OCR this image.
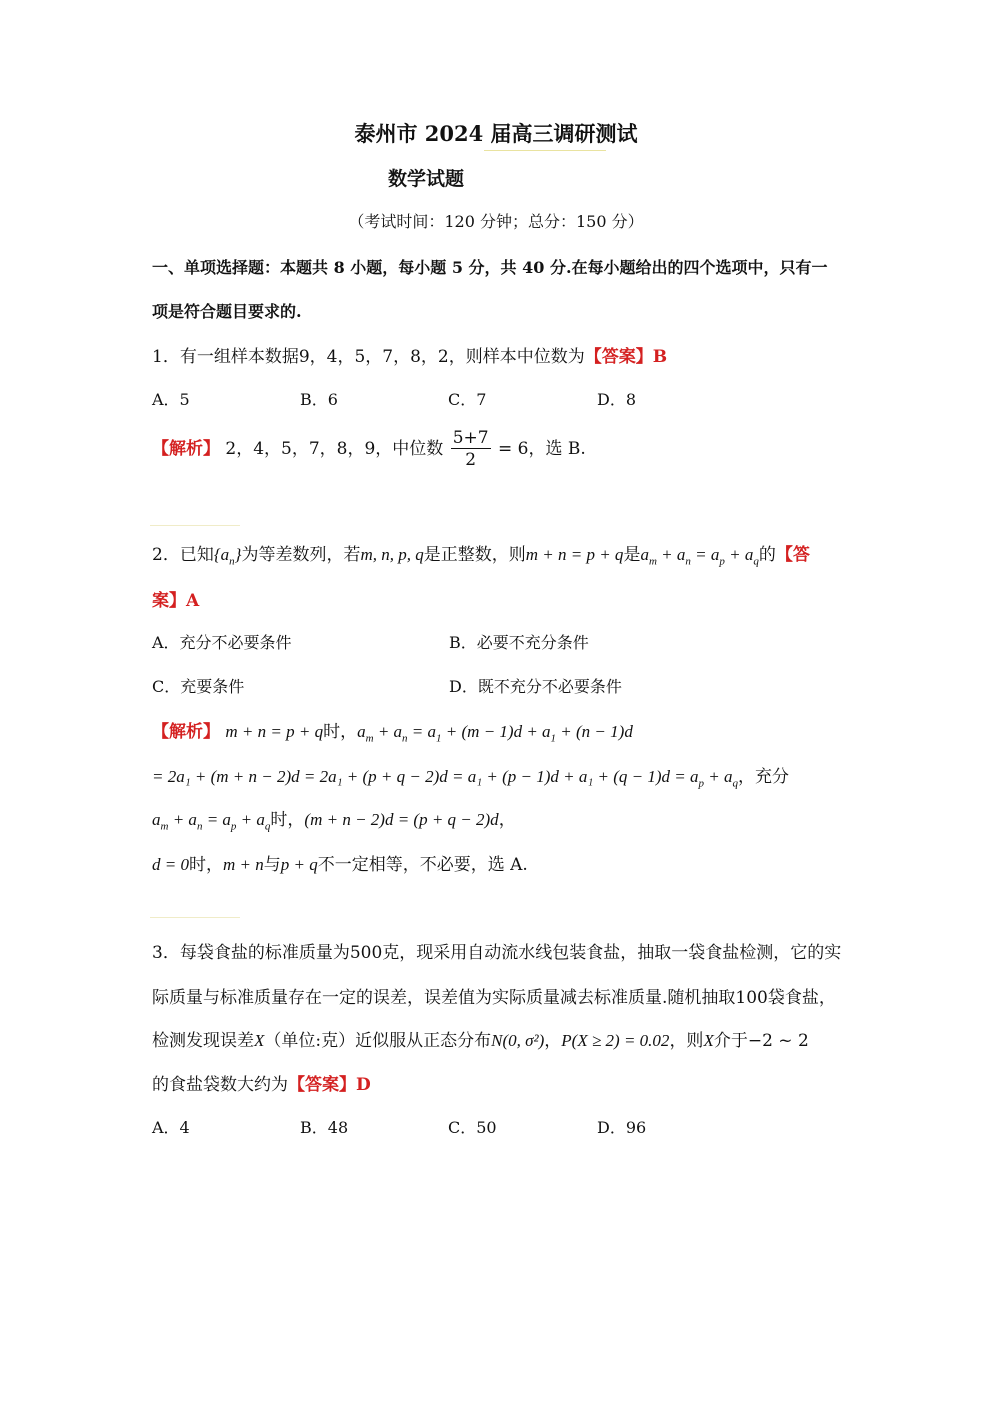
泰州市 2024 届高三调研测试
数学试题
（考试时间：120 分钟；总分：150 分）
一、单项选择题：本题共 8 小题，每小题 5 分，共 40 分.在每小题给出的四个选项中，只有一
项是符合题目要求的.
1．有一组样本数据9，4，5，7，8，2，则样本中位数为【答案】B
A．5	B．6	C．7	D．8
【解析】 2，4，5，7，8，9，中位数 $\frac{5+7}{2} = 6$，选 B.
2．已知$\{a_n\}$为等差数列，若m, n, p, q是正整数，则m + n = p + q是$a_m + a_n = a_p + a_q$的【答
案】A
A．充分不必要条件	B．必要不充分条件
C．充要条件	D．既不充分不必要条件
【解析】 m + n = p + q时，$a_m + a_n = a_1 + (m - 1)d + a_1 + (n - 1)d$
= $2a_1 + (m + n - 2)d = 2a_1 + (p + q - 2)d = a_1 + (p - 1)d + a_1 + (q - 1)d = a_p + a_q$，充分
$a_m + a_n = a_p + a_q$时，(m + n − 2)d = (p + q − 2)d，
d = 0时，m + n与p + q不一定相等，不必要，选 A.
3．每袋食盐的标准质量为500克，现采用自动流水线包装食盐，抽取一袋食盐检测，它的实
际质量与标准质量存在一定的误差，误差值为实际质量减去标准质量.随机抽取100袋食盐，
检测发现误差X（单位:克）近似服从正态分布N(0, σ²)，P(X ≥ 2) = 0.02，则X介于−2 ~ 2
的食盐袋数大约为【答案】D
A．4	B．48	C．50	D．96
